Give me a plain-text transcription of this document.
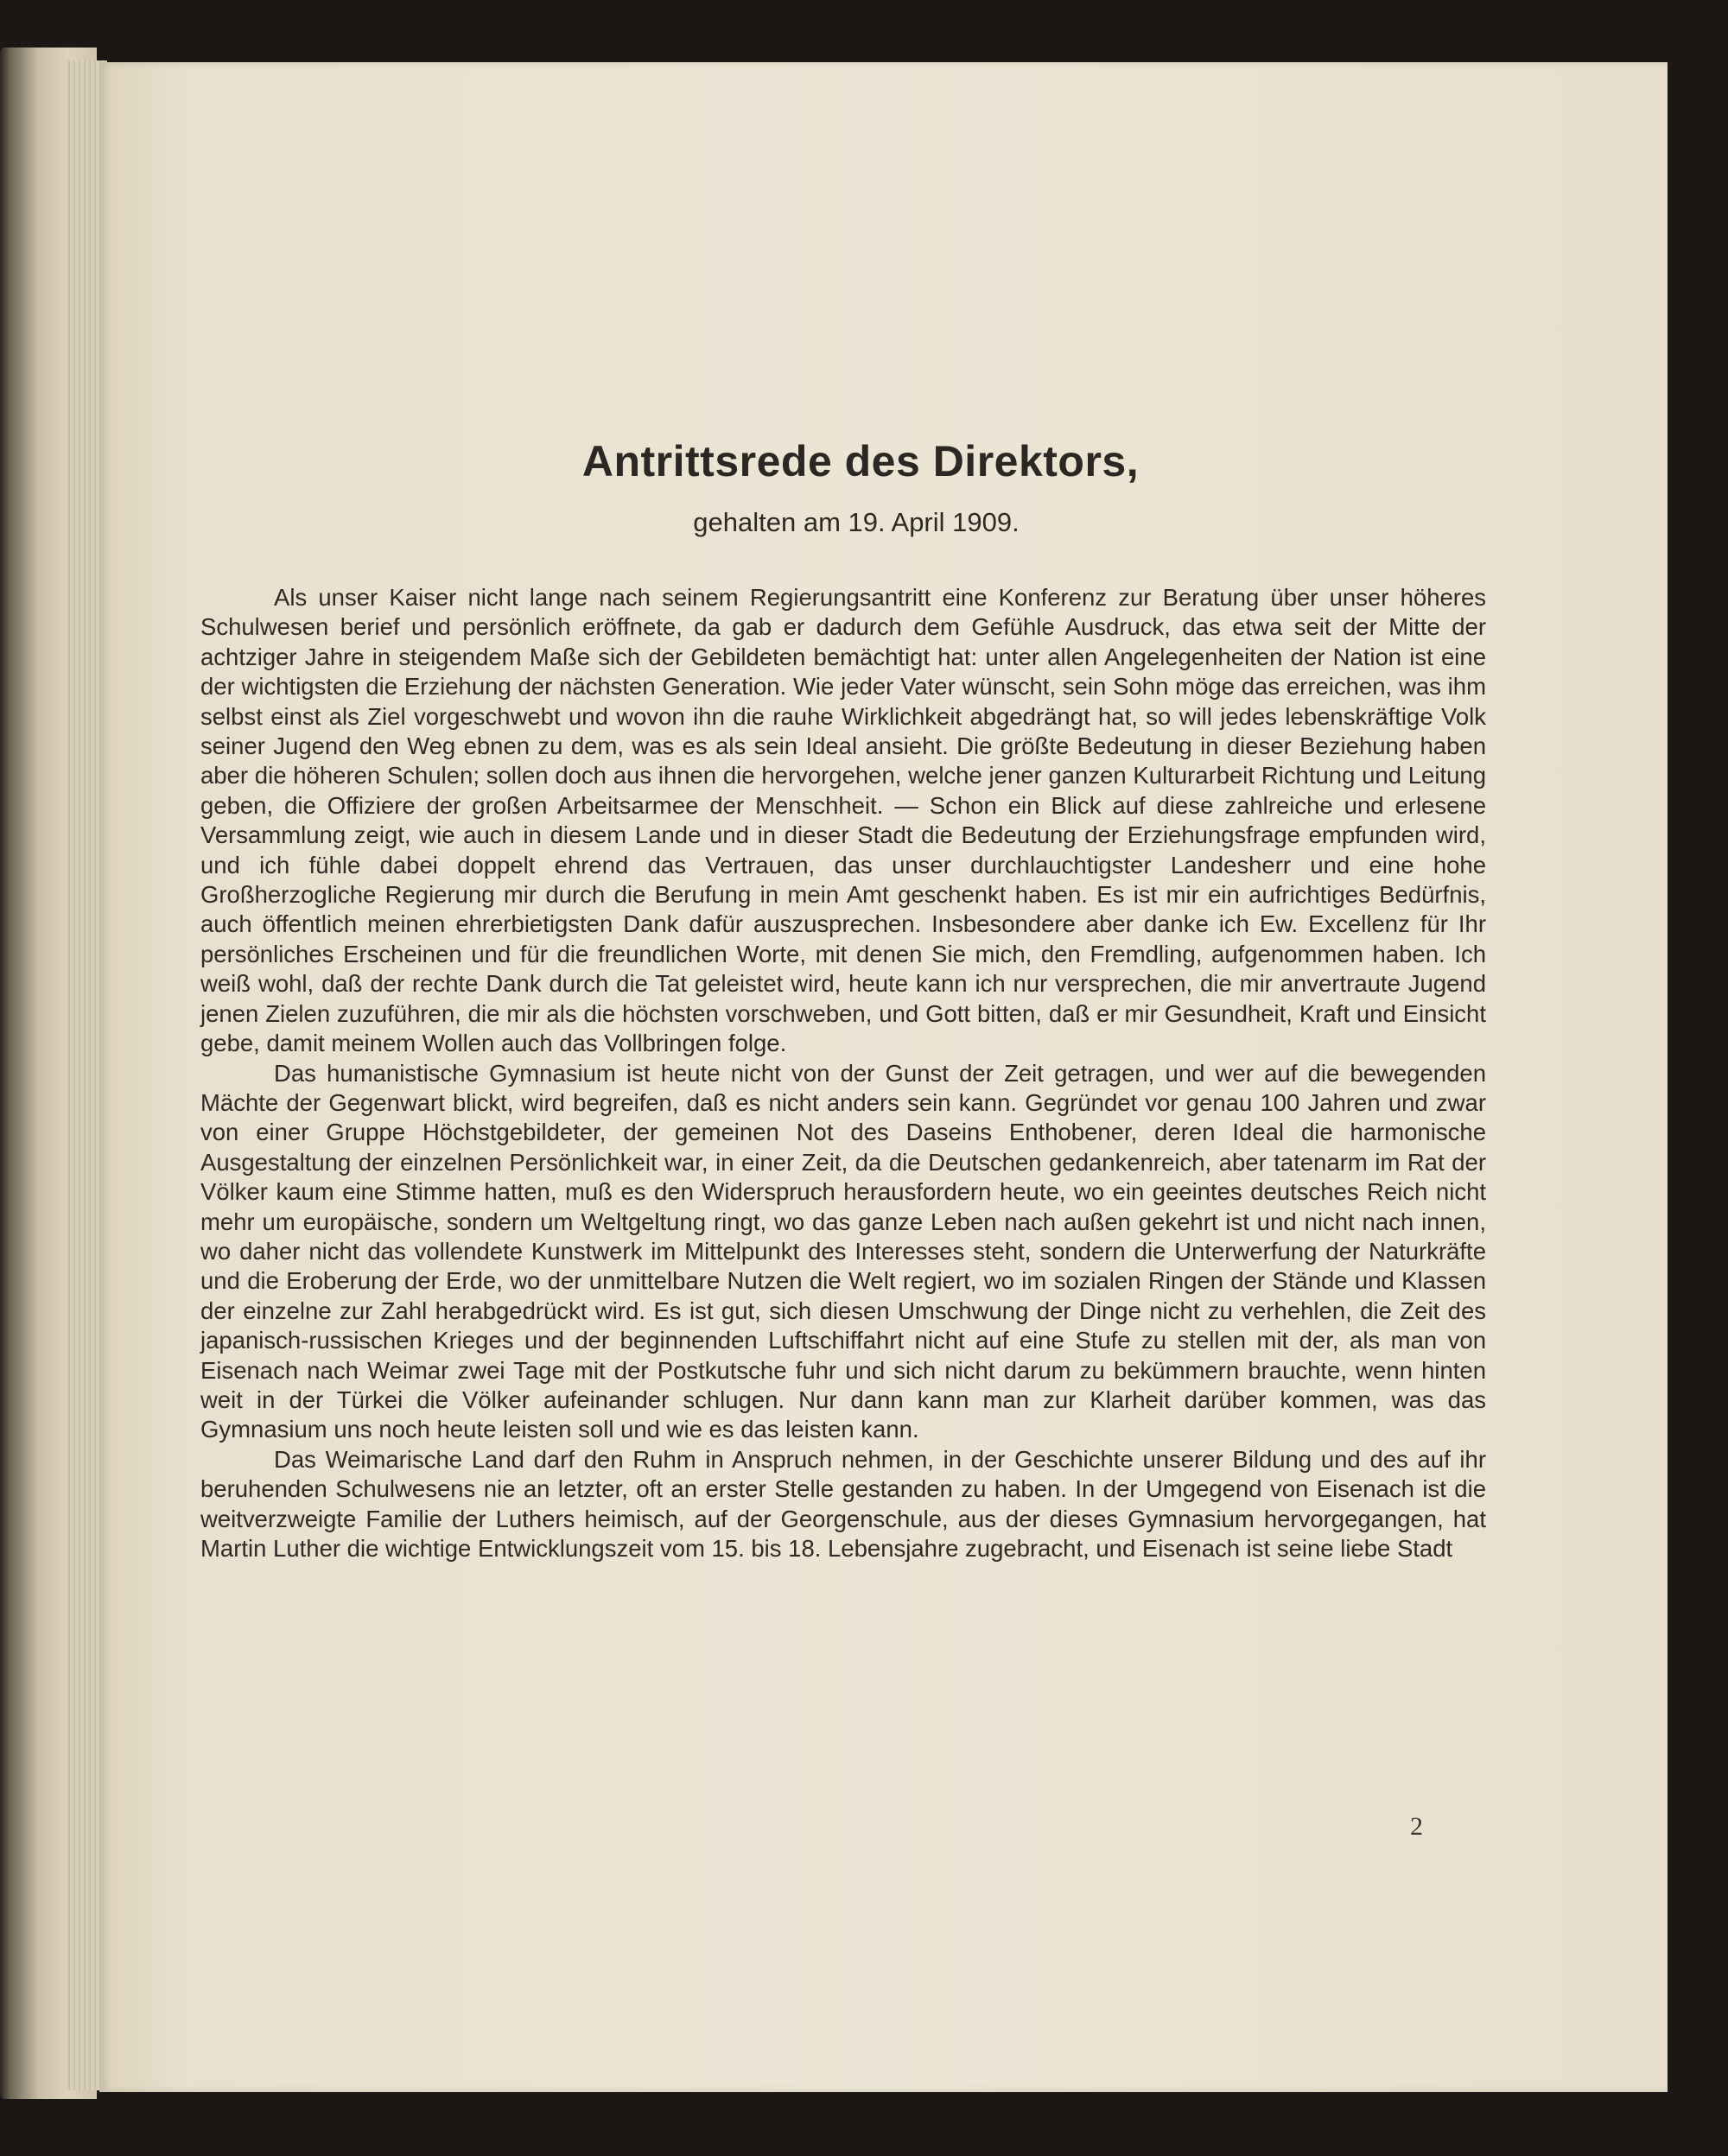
Antrittsrede des Direktors,
gehalten am 19. April 1909.

Als unser Kaiser nicht lange nach seinem Regierungsantritt eine Konferenz zur Beratung über unser höheres Schulwesen berief und persönlich eröffnete, da gab er dadurch dem Gefühle Ausdruck, das etwa seit der Mitte der achtziger Jahre in steigendem Maße sich der Gebildeten bemächtigt hat: unter allen Angelegenheiten der Nation ist eine der wichtigsten die Erziehung der nächsten Generation. Wie jeder Vater wünscht, sein Sohn möge das erreichen, was ihm selbst einst als Ziel vorgeschwebt und wovon ihn die rauhe Wirklichkeit abgedrängt hat, so will jedes lebenskräftige Volk seiner Jugend den Weg ebnen zu dem, was es als sein Ideal ansieht. Die größte Bedeutung in dieser Beziehung haben aber die höheren Schulen; sollen doch aus ihnen die hervorgehen, welche jener ganzen Kulturarbeit Richtung und Leitung geben, die Offiziere der großen Arbeitsarmee der Menschheit. — Schon ein Blick auf diese zahlreiche und erlesene Versammlung zeigt, wie auch in diesem Lande und in dieser Stadt die Bedeutung der Erziehungsfrage empfunden wird, und ich fühle dabei doppelt ehrend das Vertrauen, das unser durchlauchtigster Landesherr und eine hohe Großherzogliche Regierung mir durch die Berufung in mein Amt geschenkt haben. Es ist mir ein aufrichtiges Bedürfnis, auch öffentlich meinen ehrerbietigsten Dank dafür auszusprechen. Insbesondere aber danke ich Ew. Excellenz für Ihr persönliches Erscheinen und für die freundlichen Worte, mit denen Sie mich, den Fremdling, aufgenommen haben. Ich weiß wohl, daß der rechte Dank durch die Tat geleistet wird, heute kann ich nur versprechen, die mir anvertraute Jugend jenen Zielen zuzuführen, die mir als die höchsten vorschweben, und Gott bitten, daß er mir Gesundheit, Kraft und Einsicht gebe, damit meinem Wollen auch das Vollbringen folge.

Das humanistische Gymnasium ist heute nicht von der Gunst der Zeit getragen, und wer auf die bewegenden Mächte der Gegenwart blickt, wird begreifen, daß es nicht anders sein kann. Gegründet vor genau 100 Jahren und zwar von einer Gruppe Höchstgebildeter, der gemeinen Not des Daseins Enthobener, deren Ideal die harmonische Ausgestaltung der einzelnen Persönlichkeit war, in einer Zeit, da die Deutschen gedankenreich, aber tatenarm im Rat der Völker kaum eine Stimme hatten, muß es den Widerspruch herausfordern heute, wo ein geeintes deutsches Reich nicht mehr um europäische, sondern um Weltgeltung ringt, wo das ganze Leben nach außen gekehrt ist und nicht nach innen, wo daher nicht das vollendete Kunstwerk im Mittelpunkt des Interesses steht, sondern die Unterwerfung der Naturkräfte und die Eroberung der Erde, wo der unmittelbare Nutzen die Welt regiert, wo im sozialen Ringen der Stände und Klassen der einzelne zur Zahl herabgedrückt wird. Es ist gut, sich diesen Umschwung der Dinge nicht zu verhehlen, die Zeit des japanisch-russischen Krieges und der beginnenden Luftschiffahrt nicht auf eine Stufe zu stellen mit der, als man von Eisenach nach Weimar zwei Tage mit der Postkutsche fuhr und sich nicht darum zu bekümmern brauchte, wenn hinten weit in der Türkei die Völker aufeinander schlugen. Nur dann kann man zur Klarheit darüber kommen, was das Gymnasium uns noch heute leisten soll und wie es das leisten kann.

Das Weimarische Land darf den Ruhm in Anspruch nehmen, in der Geschichte unserer Bildung und des auf ihr beruhenden Schulwesens nie an letzter, oft an erster Stelle gestanden zu haben. In der Umgegend von Eisenach ist die weitverzweigte Familie der Luthers heimisch, auf der Georgenschule, aus der dieses Gymnasium hervorgegangen, hat Martin Luther die wichtige Entwicklungszeit vom 15. bis 18. Lebensjahre zugebracht, und Eisenach ist seine liebe Stadt

2
